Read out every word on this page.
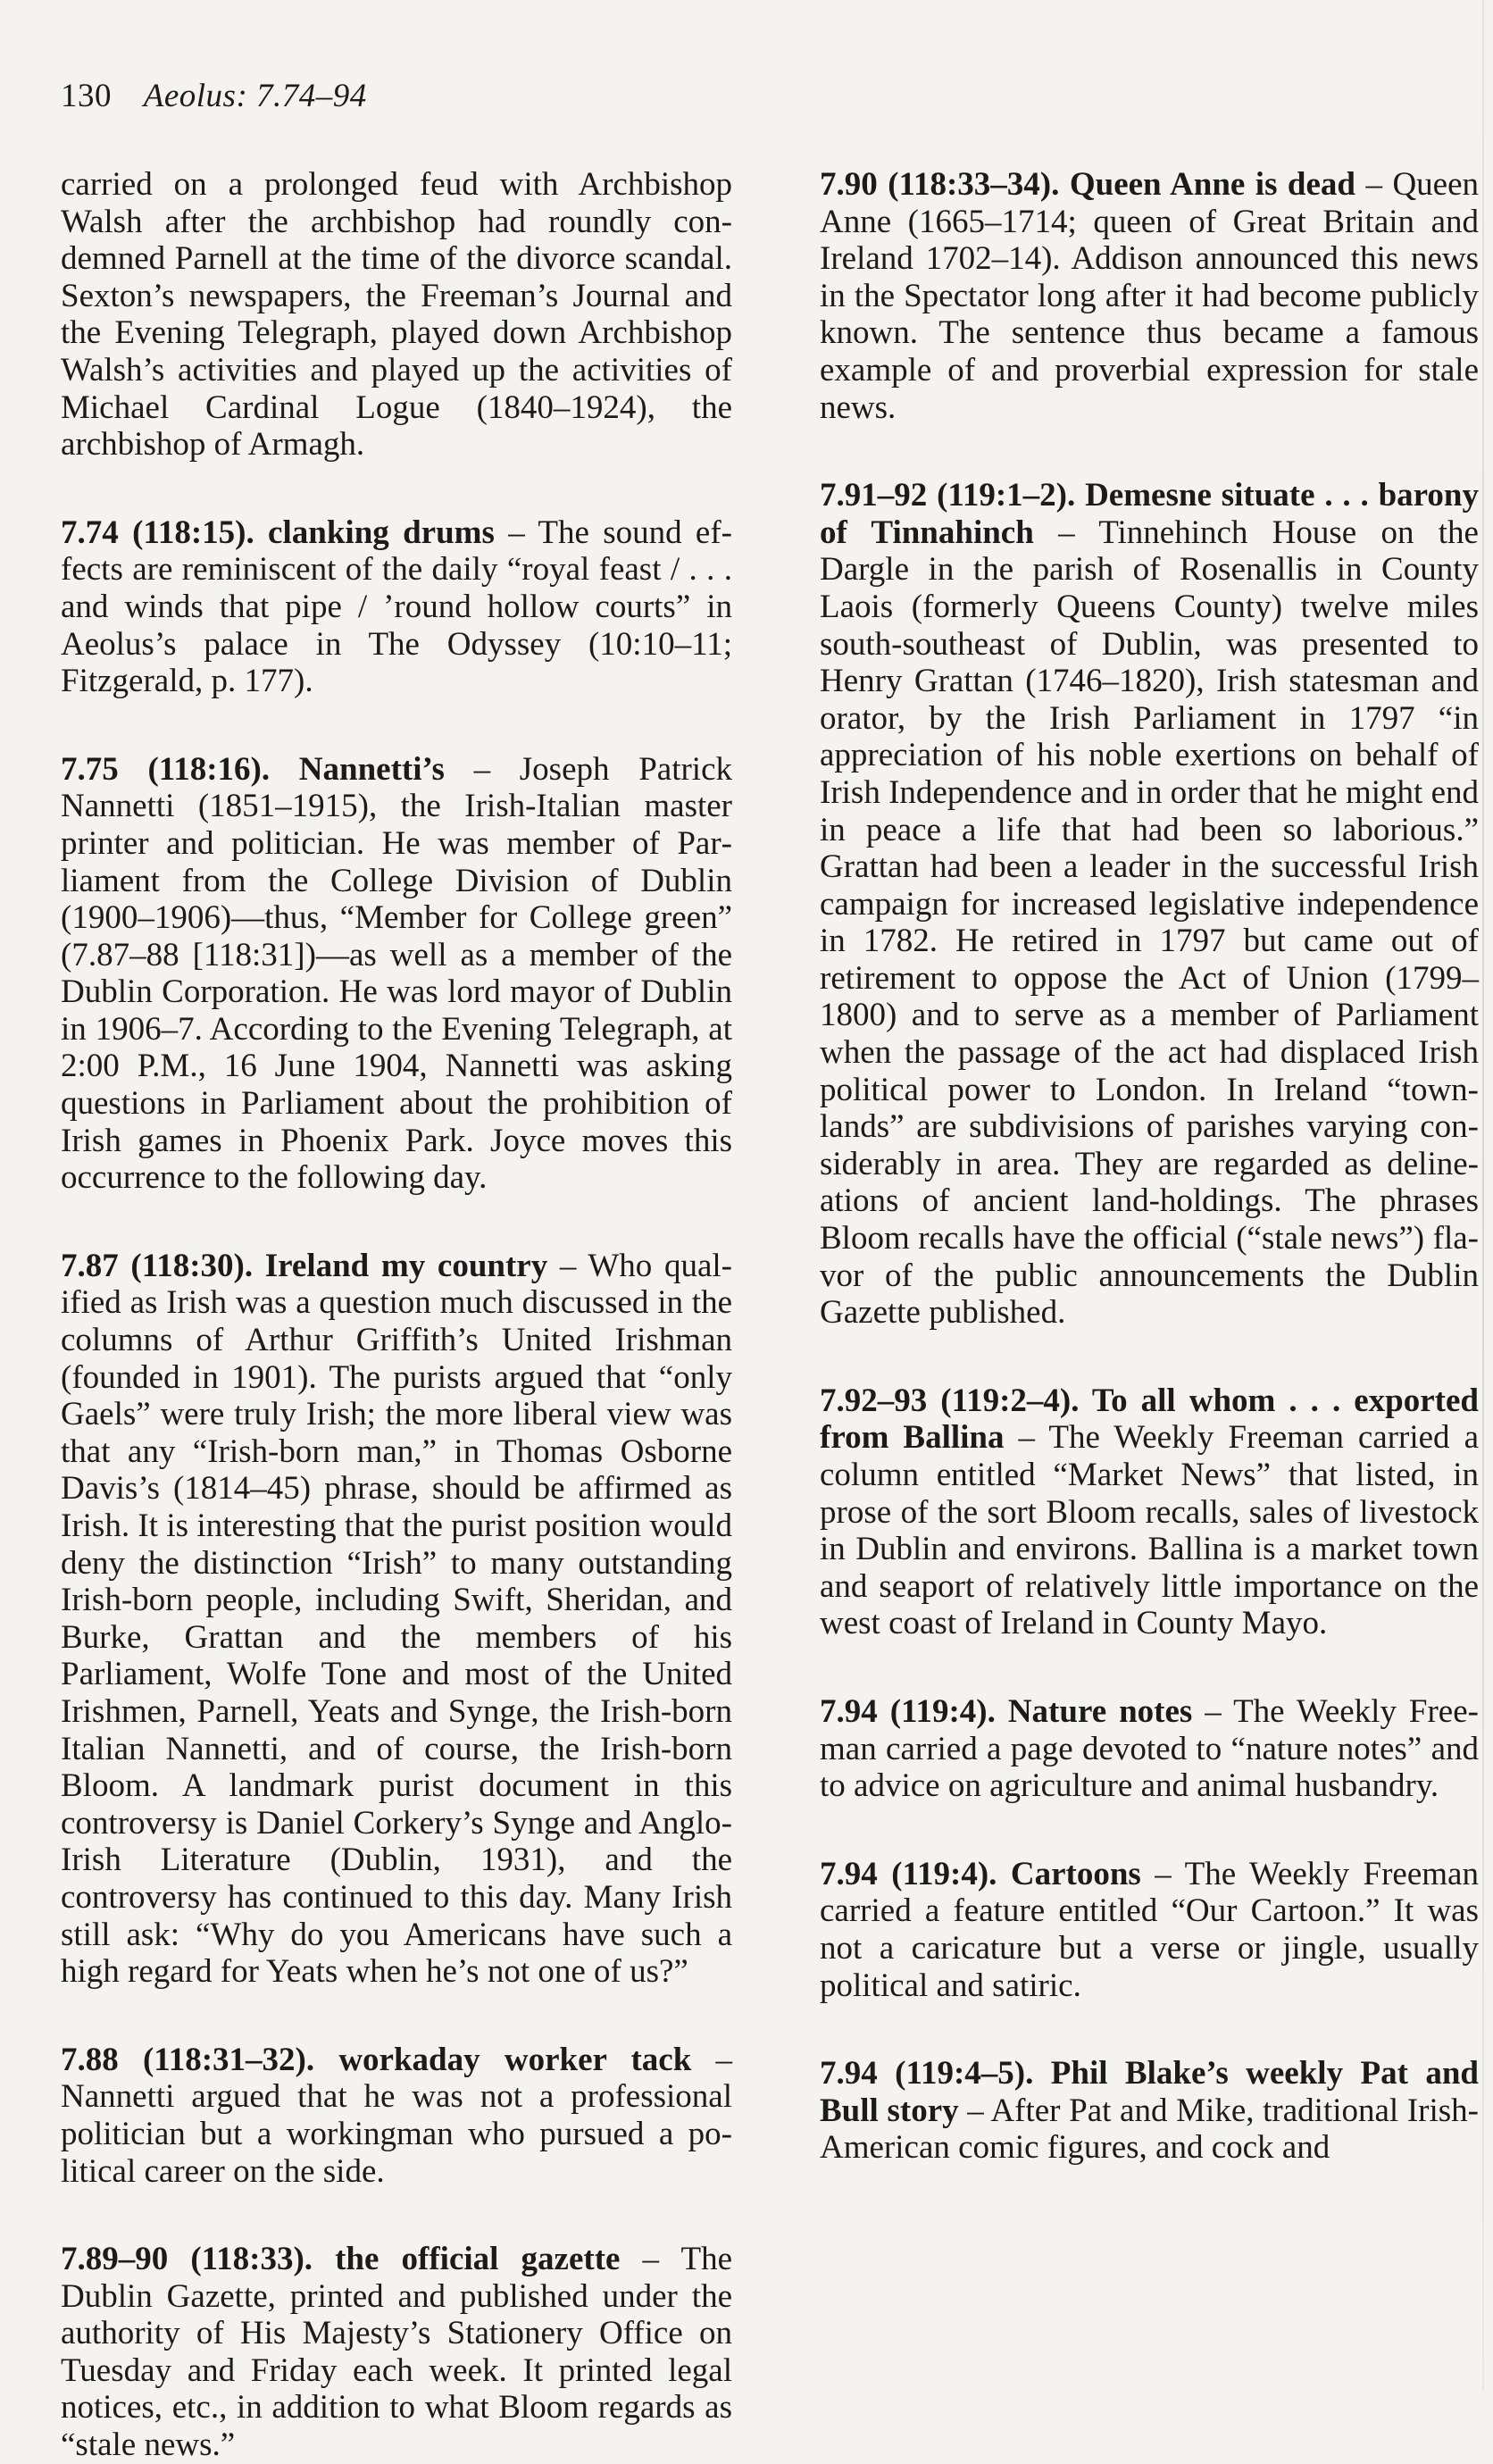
130 Aeolus: 7.74–94

carried on a prolonged feud with Archbishop Walsh after the archbishop had roundly condemned Parnell at the time of the divorce scandal. Sexton’s newspapers, the Freeman’s Journal and the Evening Telegraph, played down Archbishop Walsh’s activities and played up the activities of Michael Cardinal Logue (1840–1924), the archbishop of Armagh.

7.74 (118:15). clanking drums – The sound effects are reminiscent of the daily “royal feast / . . . and winds that pipe / ’round hollow courts” in Aeolus’s palace in The Odyssey (10:10–11; Fitzgerald, p. 177).

7.75 (118:16). Nannetti’s – Joseph Patrick Nannetti (1851–1915), the Irish-Italian master printer and politician. He was member of Parliament from the College Division of Dublin (1900–1906)—thus, “Member for College green” (7.87–88 [118:31])—as well as a member of the Dublin Corporation. He was lord mayor of Dublin in 1906–7. According to the Evening Telegraph, at 2:00 P.M., 16 June 1904, Nannetti was asking questions in Parliament about the prohibition of Irish games in Phoenix Park. Joyce moves this occurrence to the following day.

7.87 (118:30). Ireland my country – Who qualified as Irish was a question much discussed in the columns of Arthur Griffith’s United Irishman (founded in 1901). The purists argued that “only Gaels” were truly Irish; the more liberal view was that any “Irish-born man,” in Thomas Osborne Davis’s (1814–45) phrase, should be affirmed as Irish. It is interesting that the purist position would deny the distinction “Irish” to many outstanding Irish-born people, including Swift, Sheridan, and Burke, Grattan and the members of his Parliament, Wolfe Tone and most of the United Irishmen, Parnell, Yeats and Synge, the Irish-born Italian Nannetti, and of course, the Irish-born Bloom. A landmark purist document in this controversy is Daniel Corkery’s Synge and Anglo-Irish Literature (Dublin, 1931), and the controversy has continued to this day. Many Irish still ask: “Why do you Americans have such a high regard for Yeats when he’s not one of us?”

7.88 (118:31–32). workaday worker tack – Nannetti argued that he was not a professional politician but a workingman who pursued a political career on the side.

7.89–90 (118:33). the official gazette – The Dublin Gazette, printed and published under the authority of His Majesty’s Stationery Office on Tuesday and Friday each week. It printed legal notices, etc., in addition to what Bloom regards as “stale news.”

7.90 (118:33–34). Queen Anne is dead – Queen Anne (1665–1714; queen of Great Britain and Ireland 1702–14). Addison announced this news in the Spectator long after it had become publicly known. The sentence thus became a famous example of and proverbial expression for stale news.

7.91–92 (119:1–2). Demesne situate . . . barony of Tinnahinch – Tinnehinch House on the Dargle in the parish of Rosenallis in County Laois (formerly Queens County) twelve miles south-southeast of Dublin, was presented to Henry Grattan (1746–1820), Irish statesman and orator, by the Irish Parliament in 1797 “in appreciation of his noble exertions on behalf of Irish Independence and in order that he might end in peace a life that had been so laborious.” Grattan had been a leader in the successful Irish campaign for increased legislative independence in 1782. He retired in 1797 but came out of retirement to oppose the Act of Union (1799–1800) and to serve as a member of Parliament when the passage of the act had displaced Irish political power to London. In Ireland “townlands” are subdivisions of parishes varying considerably in area. They are regarded as delineations of ancient land-holdings. The phrases Bloom recalls have the official (“stale news”) flavor of the public announcements the Dublin Gazette published.

7.92–93 (119:2–4). To all whom . . . exported from Ballina – The Weekly Freeman carried a column entitled “Market News” that listed, in prose of the sort Bloom recalls, sales of livestock in Dublin and environs. Ballina is a market town and seaport of relatively little importance on the west coast of Ireland in County Mayo.

7.94 (119:4). Nature notes – The Weekly Freeman carried a page devoted to “nature notes” and to advice on agriculture and animal husbandry.

7.94 (119:4). Cartoons – The Weekly Freeman carried a feature entitled “Our Cartoon.” It was not a caricature but a verse or jingle, usually political and satiric.

7.94 (119:4–5). Phil Blake’s weekly Pat and Bull story – After Pat and Mike, traditional Irish-American comic figures, and cock and
